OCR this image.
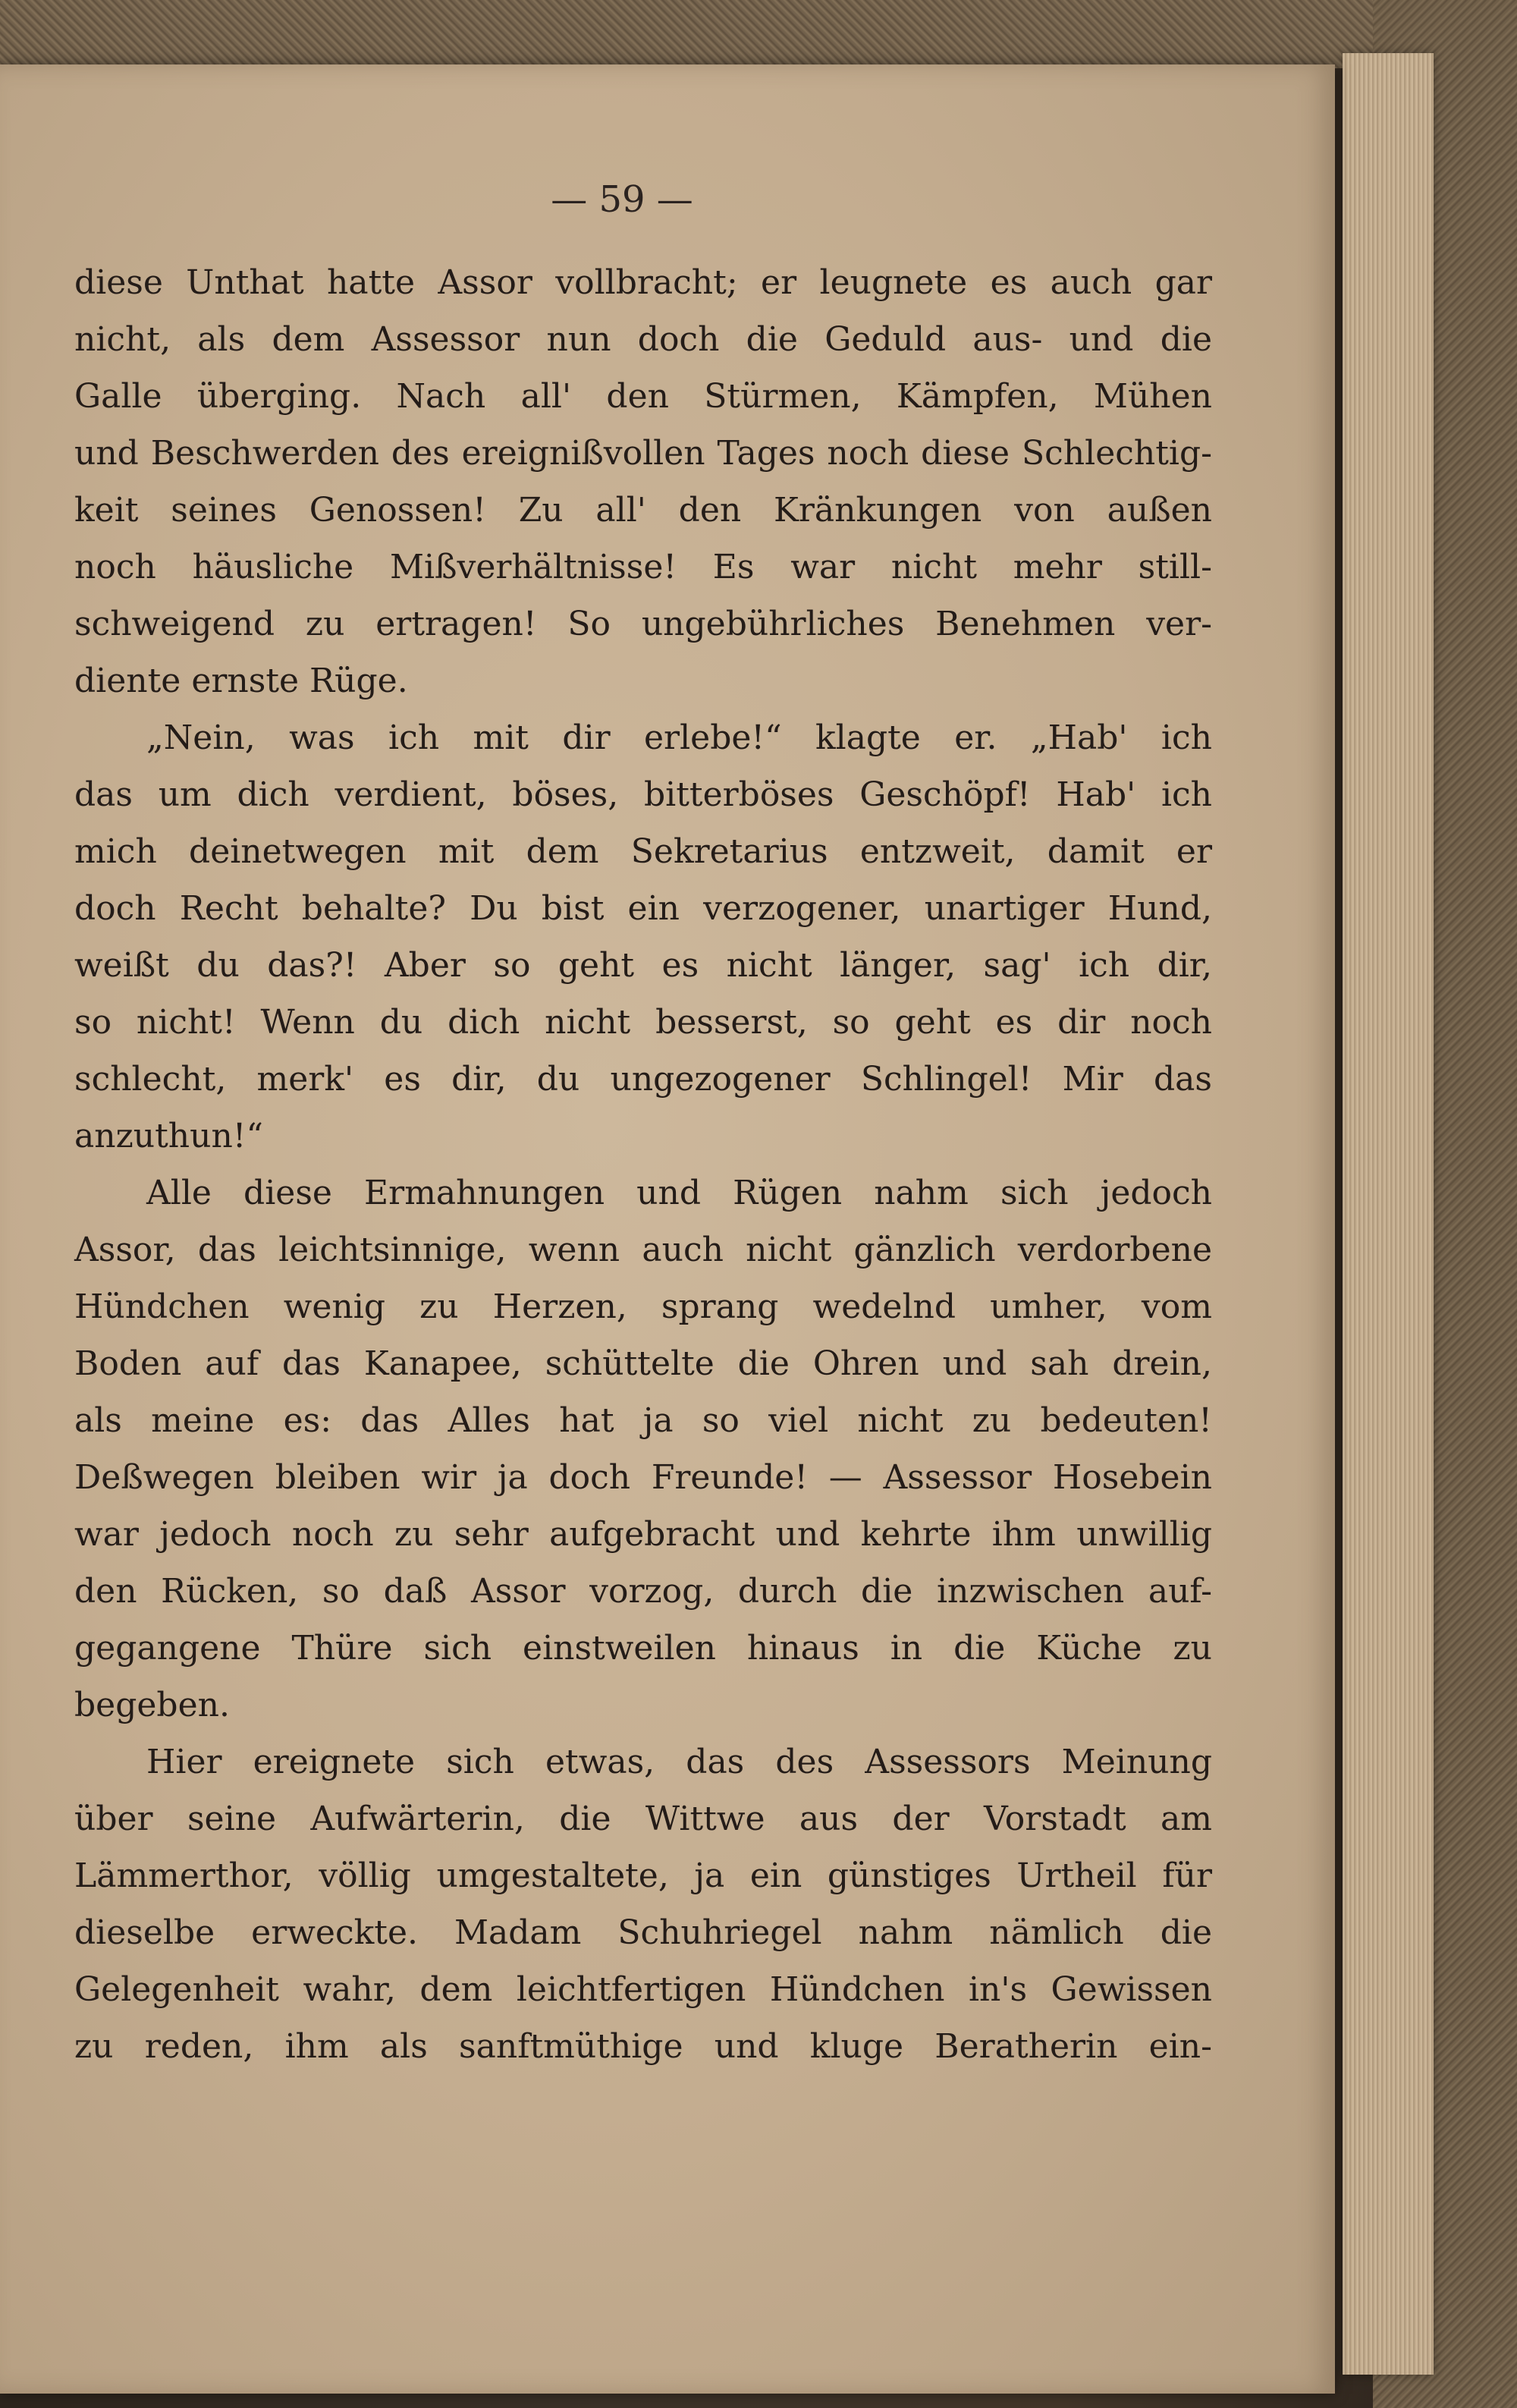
— 59 —
diese Unthat hatte Assor vollbracht; er leugnete es auch gar
nicht, als dem Assessor nun doch die Geduld aus- und die
Galle überging. Nach all' den Stürmen, Kämpfen, Mühen
und Beschwerden des ereignißvollen Tages noch diese Schlechtig-
keit seines Genossen! Zu all' den Kränkungen von außen
noch häusliche Mißverhältnisse! Es war nicht mehr still-
schweigend zu ertragen! So ungebührliches Benehmen ver-
diente ernste Rüge.
„Nein, was ich mit dir erlebe!“ klagte er. „Hab' ich
das um dich verdient, böses, bitterböses Geschöpf! Hab' ich
mich deinetwegen mit dem Sekretarius entzweit, damit er
doch Recht behalte? Du bist ein verzogener, unartiger Hund,
weißt du das?! Aber so geht es nicht länger, sag' ich dir,
so nicht! Wenn du dich nicht besserst, so geht es dir noch
schlecht, merk' es dir, du ungezogener Schlingel! Mir das
anzuthun!“
Alle diese Ermahnungen und Rügen nahm sich jedoch
Assor, das leichtsinnige, wenn auch nicht gänzlich verdorbene
Hündchen wenig zu Herzen, sprang wedelnd umher, vom
Boden auf das Kanapee, schüttelte die Ohren und sah drein,
als meine es: das Alles hat ja so viel nicht zu bedeuten!
Deßwegen bleiben wir ja doch Freunde! — Assessor Hosebein
war jedoch noch zu sehr aufgebracht und kehrte ihm unwillig
den Rücken, so daß Assor vorzog, durch die inzwischen auf-
gegangene Thüre sich einstweilen hinaus in die Küche zu
begeben.
Hier ereignete sich etwas, das des Assessors Meinung
über seine Aufwärterin, die Wittwe aus der Vorstadt am
Lämmerthor, völlig umgestaltete, ja ein günstiges Urtheil für
dieselbe erweckte. Madam Schuhriegel nahm nämlich die
Gelegenheit wahr, dem leichtfertigen Hündchen in's Gewissen
zu reden, ihm als sanftmüthige und kluge Beratherin ein-
